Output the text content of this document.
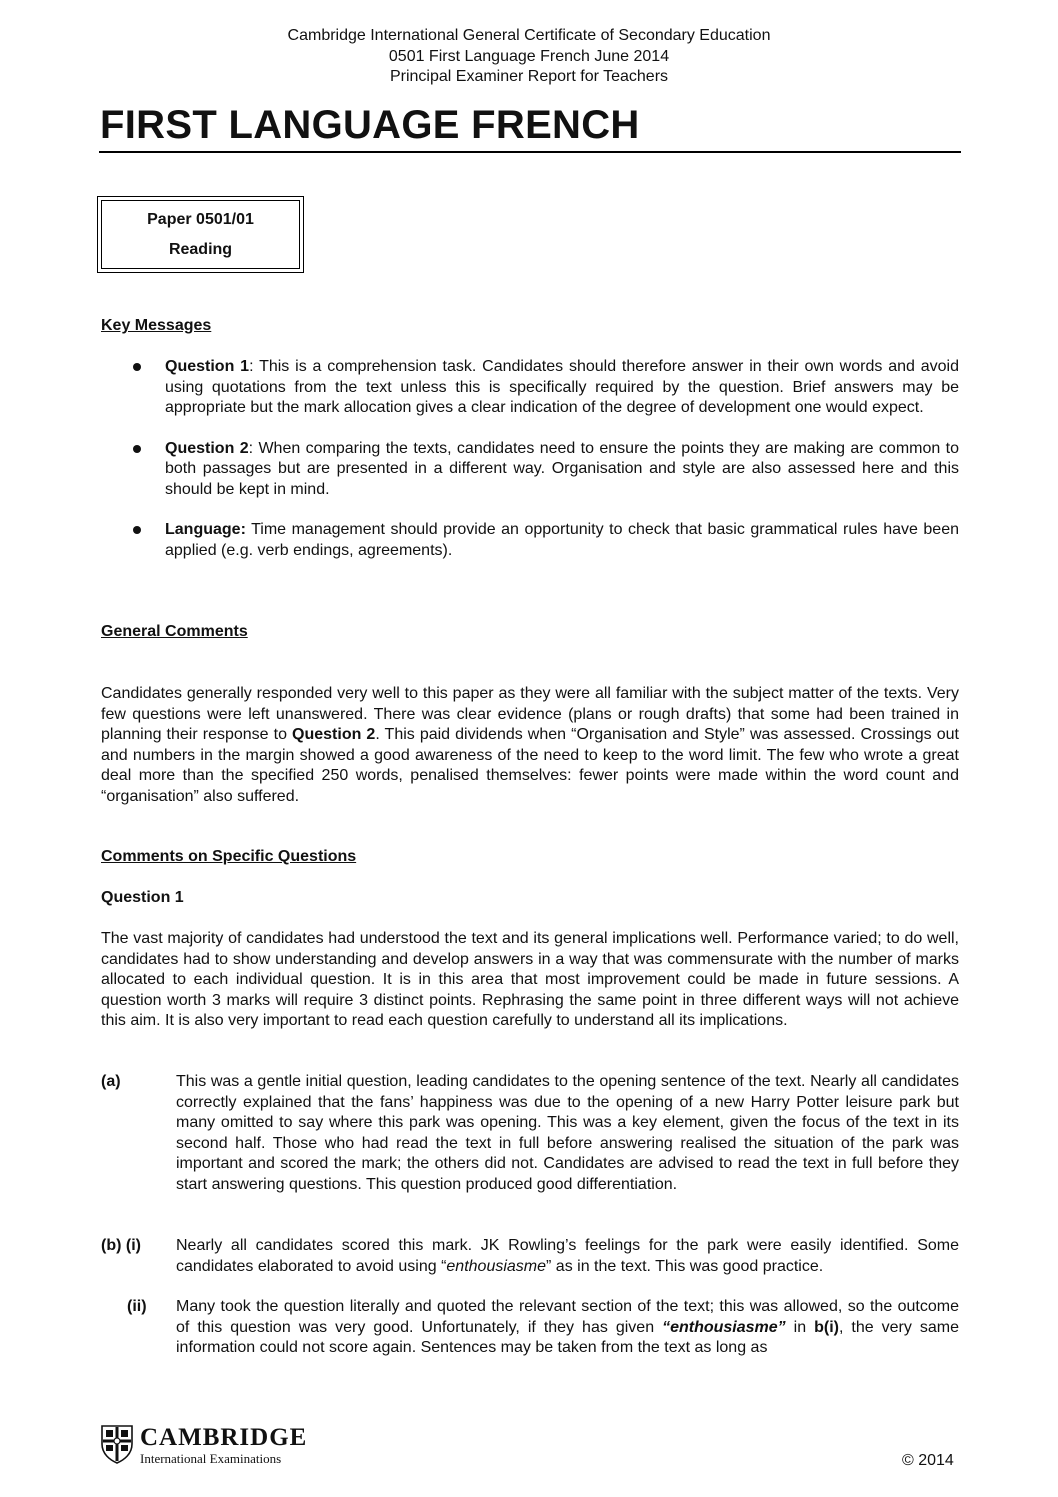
Cambridge International General Certificate of Secondary Education
0501 First Language French June 2014
Principal Examiner Report for Teachers
FIRST LANGUAGE FRENCH
Paper 0501/01
Reading
Key Messages
Question 1: This is a comprehension task. Candidates should therefore answer in their own words and avoid using quotations from the text unless this is specifically required by the question. Brief answers may be appropriate but the mark allocation gives a clear indication of the degree of development one would expect.
Question 2: When comparing the texts, candidates need to ensure the points they are making are common to both passages but are presented in a different way. Organisation and style are also assessed here and this should be kept in mind.
Language: Time management should provide an opportunity to check that basic grammatical rules have been applied (e.g. verb endings, agreements).
General Comments

Candidates generally responded very well to this paper as they were all familiar with the subject matter of the texts. Very few questions were left unanswered. There was clear evidence (plans or rough drafts) that some had been trained in planning their response to Question 2. This paid dividends when “Organisation and Style” was assessed. Crossings out and numbers in the margin showed a good awareness of the need to keep to the word limit. The few who wrote a great deal more than the specified 250 words, penalised themselves: fewer points were made within the word count and “organisation” also suffered.

Comments on Specific Questions
Question 1

The vast majority of candidates had understood the text and its general implications well. Performance varied; to do well, candidates had to show understanding and develop answers in a way that was commensurate with the number of marks allocated to each individual question. It is in this area that most improvement could be made in future sessions. A question worth 3 marks will require 3 distinct points. Rephrasing the same point in three different ways will not achieve this aim. It is also very important to read each question carefully to understand all its implications.

(a)	This was a gentle initial question, leading candidates to the opening sentence of the text. Nearly all candidates correctly explained that the fans’ happiness was due to the opening of a new Harry Potter leisure park but many omitted to say where this park was opening. This was a key element, given the focus of the text in its second half. Those who had read the text in full before answering realised the situation of the park was important and scored the mark; the others did not. Candidates are advised to read the text in full before they start answering questions. This question produced good differentiation.
(b) (i) Nearly all candidates scored this mark. JK Rowling’s feelings for the park were easily identified. Some candidates elaborated to avoid using “enthousiasme” as in the text. This was good practice.
(ii) Many took the question literally and quoted the relevant section of the text; this was allowed, so the outcome of this question was very good. Unfortunately, if they has given “enthousiasme” in b(i), the very same information could not score again. Sentences may be taken from the text as long as
CAMBRIDGE
International Examinations	© 2014
